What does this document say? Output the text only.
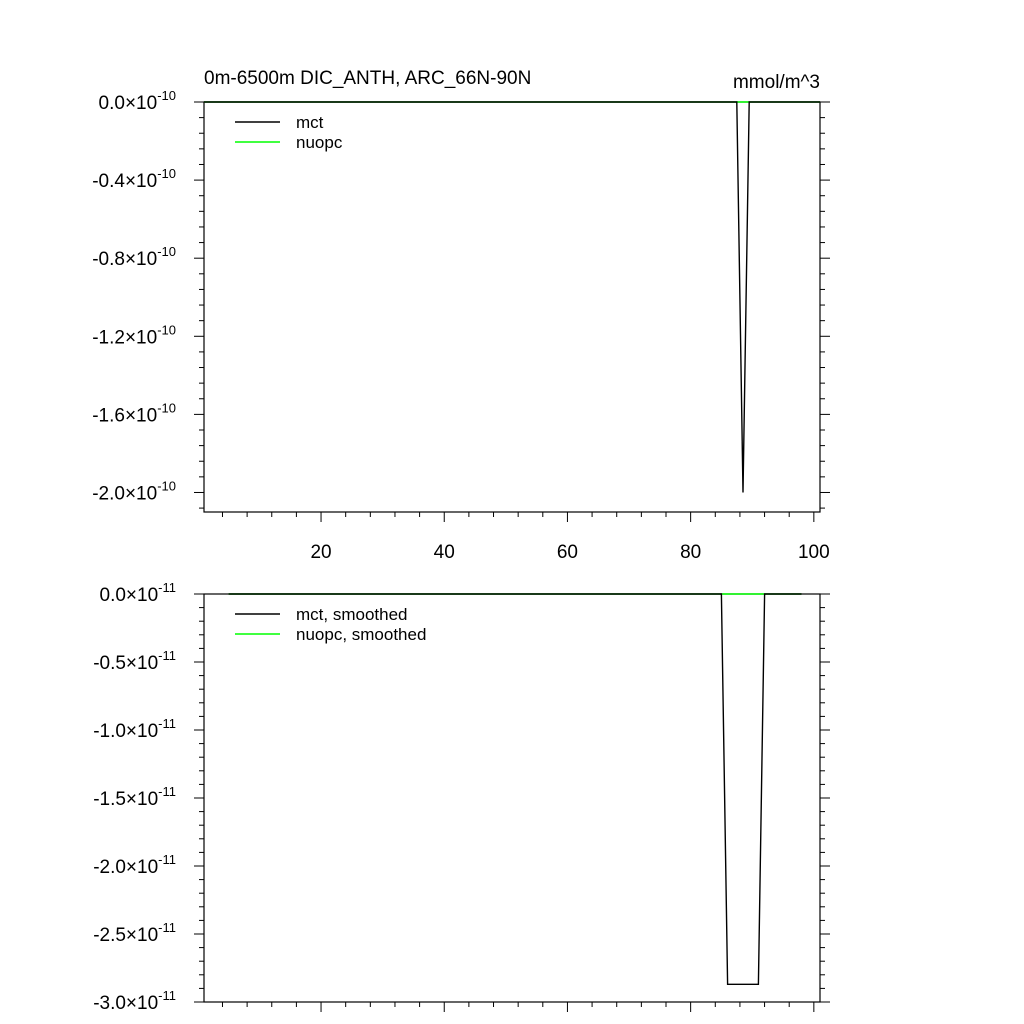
0m-6500m DIC_ANTH, ARC_66N-90N	mmol/m^3
$0.0\times 10^{-10}$
$-0.4\times 10^{-10}$
$-0.8\times 10^{-10}$
$-1.2\times 10^{-10}$
$-1.6\times 10^{-10}$
$-2.0\times 10^{-10}$
20	40	60	80	100
mct
nuopc
$0.0\times 10^{-11}$
$-0.5\times 10^{-11}$
$-1.0\times 10^{-11}$
$-1.5\times 10^{-11}$
$-2.0\times 10^{-11}$
$-2.5\times 10^{-11}$
$-3.0\times 10^{-11}$
mct, smoothed
nuopc, smoothed
